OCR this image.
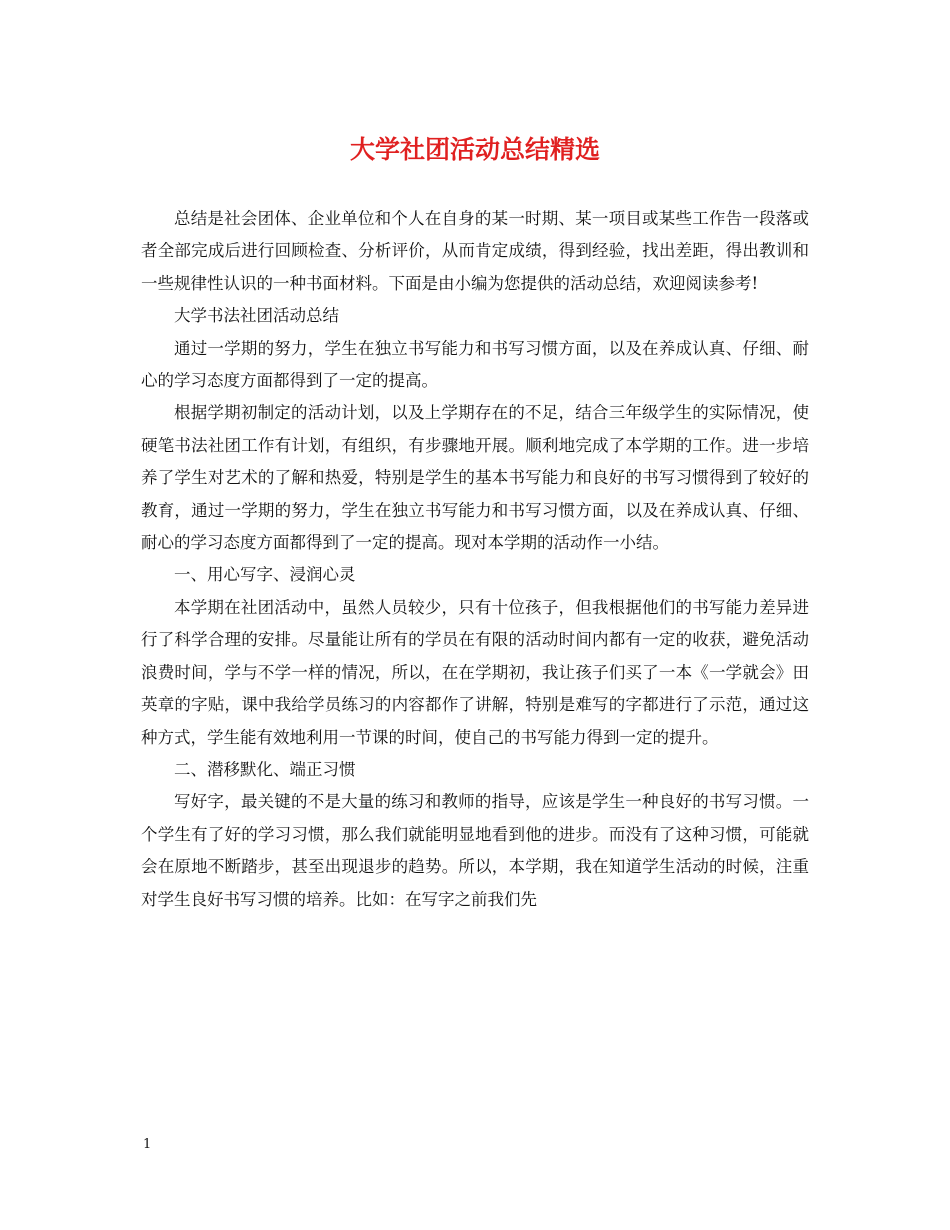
大学社团活动总结精选

总结是社会团体、企业单位和个人在自身的某一时期、某一项目或某些工作告一段落或者全部完成后进行回顾检查、分析评价，从而肯定成绩，得到经验，找出差距，得出教训和一些规律性认识的一种书面材料。下面是由小编为您提供的活动总结，欢迎阅读参考!

大学书法社团活动总结

通过一学期的努力，学生在独立书写能力和书写习惯方面，以及在养成认真、仔细、耐心的学习态度方面都得到了一定的提高。

根据学期初制定的活动计划，以及上学期存在的不足，结合三年级学生的实际情况，使硬笔书法社团工作有计划，有组织，有步骤地开展。顺利地完成了本学期的工作。进一步培养了学生对艺术的了解和热爱，特别是学生的基本书写能力和良好的书写习惯得到了较好的教育，通过一学期的努力，学生在独立书写能力和书写习惯方面，以及在养成认真、仔细、耐心的学习态度方面都得到了一定的提高。现对本学期的活动作一小结。

一、用心写字、浸润心灵

本学期在社团活动中，虽然人员较少，只有十位孩子，但我根据他们的书写能力差异进行了科学合理的安排。尽量能让所有的学员在有限的活动时间内都有一定的收获，避免活动浪费时间，学与不学一样的情况，所以，在在学期初，我让孩子们买了一本《一学就会》田英章的字贴，课中我给学员练习的内容都作了讲解，特别是难写的字都进行了示范，通过这种方式，学生能有效地利用一节课的时间，使自己的书写能力得到一定的提升。

二、潜移默化、端正习惯

写好字，最关键的不是大量的练习和教师的指导，应该是学生一种良好的书写习惯。一个学生有了好的学习习惯，那么我们就能明显地看到他的进步。而没有了这种习惯，可能就会在原地不断踏步，甚至出现退步的趋势。所以，本学期，我在知道学生活动的时候，注重对学生良好书写习惯的培养。比如：在写字之前我们先

1
